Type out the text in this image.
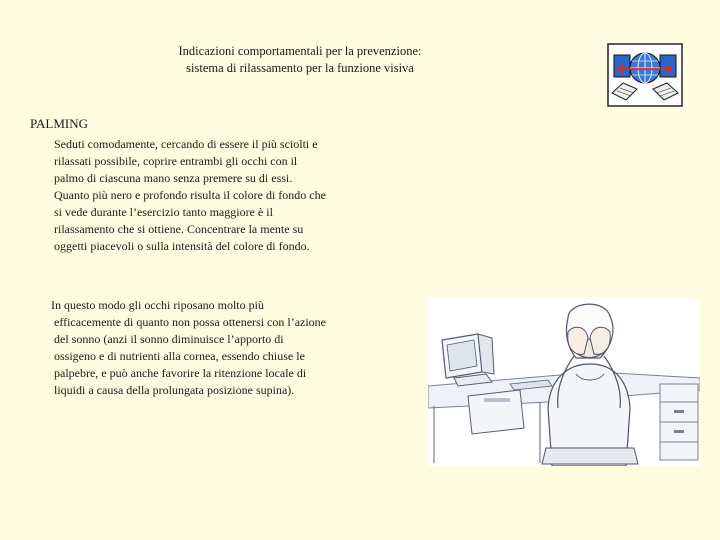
Indicazioni comportamentali per la prevenzione:
sistema di rilassamento per la funzione visiva
PALMING
Seduti comodamente, cercando di essere il più sciolti e
rilassati possibile, coprire entrambi gli occhi con il
palmo di ciascuna mano senza premere su di essi.
Quanto più nero e profondo risulta il colore di fondo che
si vede durante l’esercizio tanto maggiore è il
rilassamento che si ottiene. Concentrare la mente su
oggetti piacevoli o sulla intensità del colore di fondo.
In questo modo gli occhi riposano molto più
efficacemente di quanto non possa ottenersi con l’azione
del sonno (anzi il sonno diminuisce l’apporto di
ossigeno e di nutrienti alla cornea, essendo chiuse le
palpebre, e può anche favorire la ritenzione locale di
liquidi a causa della prolungata posizione supina).
